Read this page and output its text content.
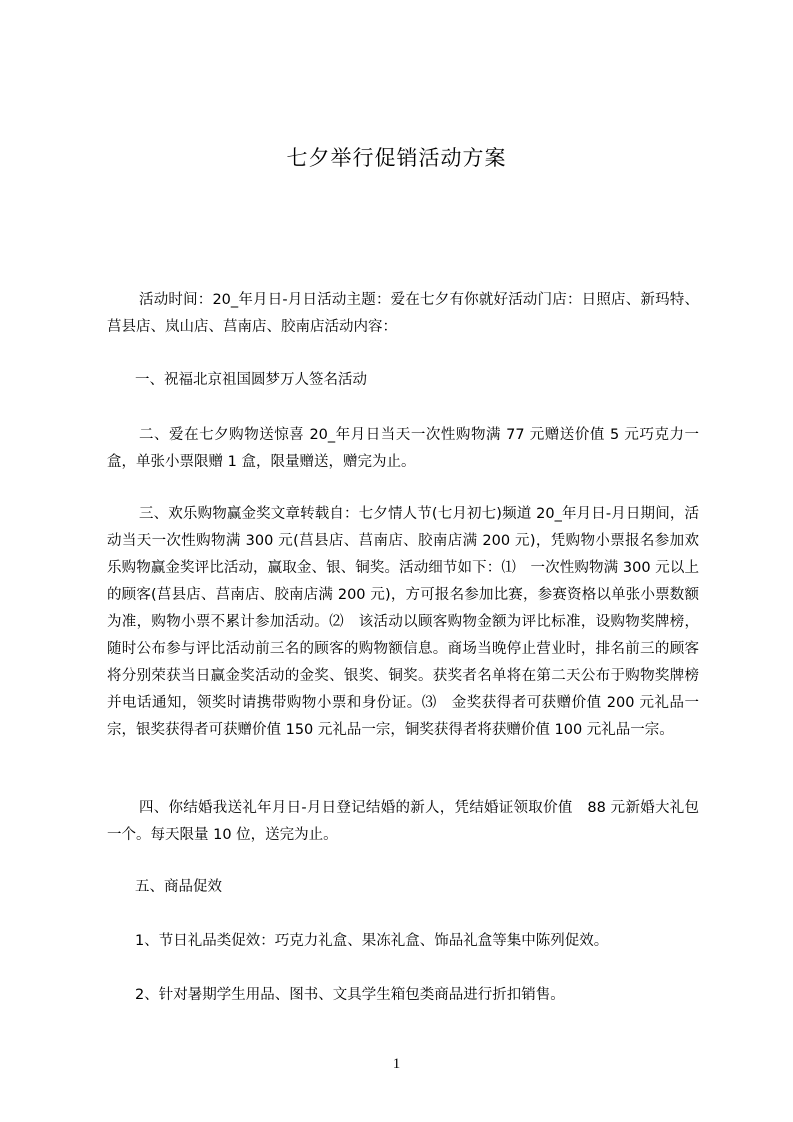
七夕举行促销活动方案
活动时间：20_年月日-月日活动主题：爱在七夕有你就好活动门店：日照店、新玛特、莒县店、岚山店、莒南店、胶南店活动内容：
一、祝福北京祖国圆梦万人签名活动
二、爱在七夕购物送惊喜 20_年月日当天一次性购物满 77 元赠送价值 5 元巧克力一盒，单张小票限赠 1 盒，限量赠送，赠完为止。
三、欢乐购物赢金奖文章转载自：七夕情人节(七月初七)频道 20_年月日-月日期间，活动当天一次性购物满 300 元(莒县店、莒南店、胶南店满 200 元)，凭购物小票报名参加欢乐购物赢金奖评比活动，赢取金、银、铜奖。活动细节如下：⑴　一次性购物满 300 元以上的顾客(莒县店、莒南店、胶南店满 200 元)，方可报名参加比赛，参赛资格以单张小票数额为准，购物小票不累计参加活动。⑵　该活动以顾客购物金额为评比标准，设购物奖牌榜，随时公布参与评比活动前三名的顾客的购物额信息。商场当晚停止营业时，排名前三的顾客将分别荣获当日赢金奖活动的金奖、银奖、铜奖。获奖者名单将在第二天公布于购物奖牌榜并电话通知，领奖时请携带购物小票和身份证。⑶　金奖获得者可获赠价值 200 元礼品一宗，银奖获得者可获赠价值 150 元礼品一宗，铜奖获得者将获赠价值 100 元礼品一宗。
四、你结婚我送礼年月日-月日登记结婚的新人，凭结婚证领取价值　88 元新婚大礼包一个。每天限量 10 位，送完为止。
五、商品促效
1、节日礼品类促效：巧克力礼盒、果冻礼盒、饰品礼盒等集中陈列促效。
2、针对暑期学生用品、图书、文具学生箱包类商品进行折扣销售。
1
